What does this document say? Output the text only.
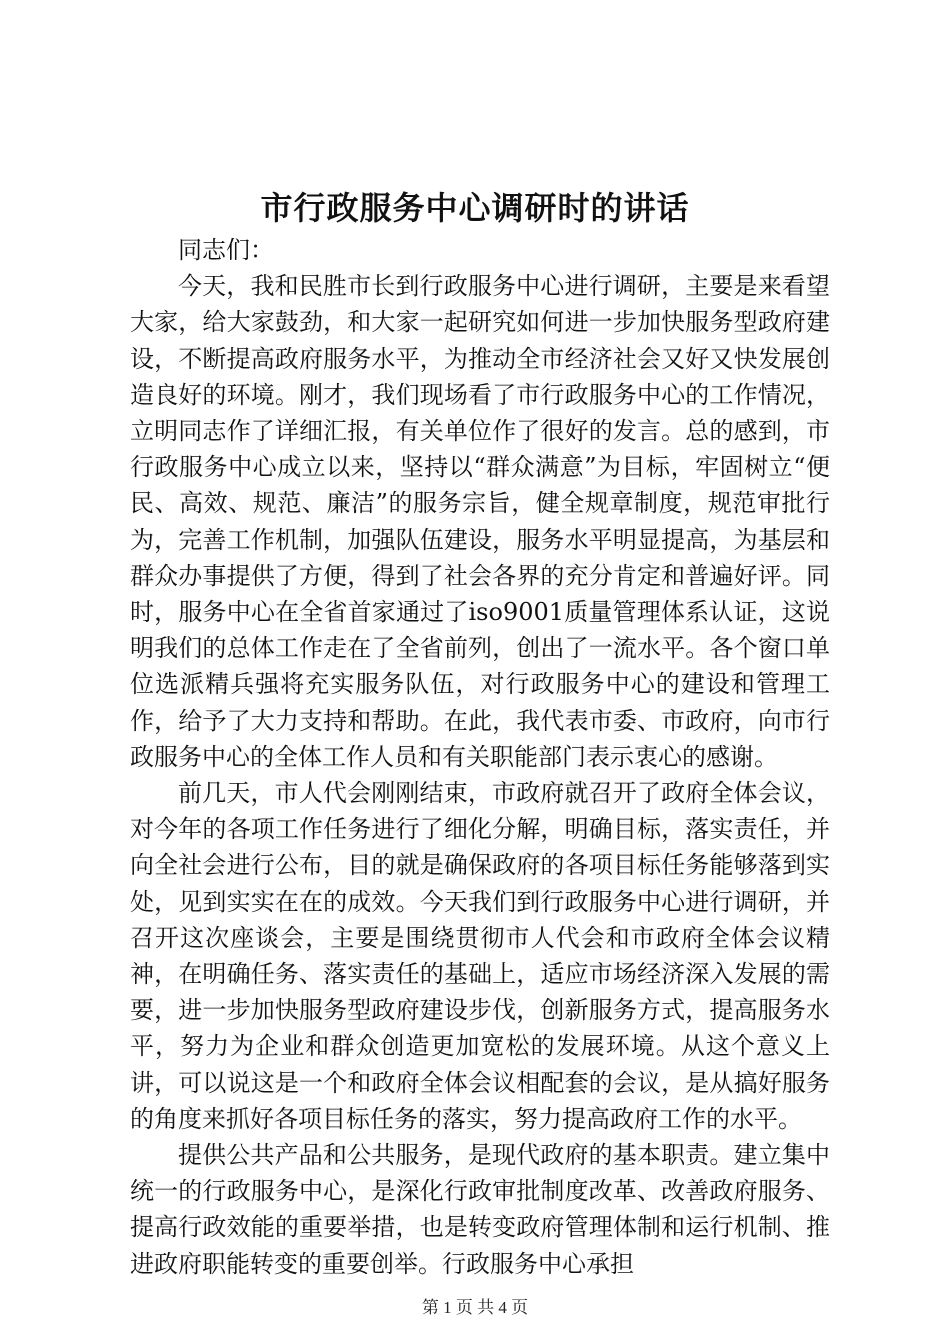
市行政服务中心调研时的讲话

同志们：

今天，我和民胜市长到行政服务中心进行调研，主要是来看望大家，给大家鼓劲，和大家一起研究如何进一步加快服务型政府建设，不断提高政府服务水平，为推动全市经济社会又好又快发展创造良好的环境。刚才，我们现场看了市行政服务中心的工作情况，立明同志作了详细汇报，有关单位作了很好的发言。总的感到，市行政服务中心成立以来，坚持以“群众满意”为目标，牢固树立“便民、高效、规范、廉洁”的服务宗旨，健全规章制度，规范审批行为，完善工作机制，加强队伍建设，服务水平明显提高，为基层和群众办事提供了方便，得到了社会各界的充分肯定和普遍好评。同时，服务中心在全省首家通过了iso9001质量管理体系认证，这说明我们的总体工作走在了全省前列，创出了一流水平。各个窗口单位选派精兵强将充实服务队伍，对行政服务中心的建设和管理工作，给予了大力支持和帮助。在此，我代表市委、市政府，向市行政服务中心的全体工作人员和有关职能部门表示衷心的感谢。

前几天，市人代会刚刚结束，市政府就召开了政府全体会议，对今年的各项工作任务进行了细化分解，明确目标，落实责任，并向全社会进行公布，目的就是确保政府的各项目标任务能够落到实处，见到实实在在的成效。今天我们到行政服务中心进行调研，并召开这次座谈会，主要是围绕贯彻市人代会和市政府全体会议精神，在明确任务、落实责任的基础上，适应市场经济深入发展的需要，进一步加快服务型政府建设步伐，创新服务方式，提高服务水平，努力为企业和群众创造更加宽松的发展环境。从这个意义上讲，可以说这是一个和政府全体会议相配套的会议，是从搞好服务的角度来抓好各项目标任务的落实，努力提高政府工作的水平。

提供公共产品和公共服务，是现代政府的基本职责。建立集中统一的行政服务中心，是深化行政审批制度改革、改善政府服务、提高行政效能的重要举措，也是转变政府管理体制和运行机制、推进政府职能转变的重要创举。行政服务中心承担

第 1 页 共 4 页
